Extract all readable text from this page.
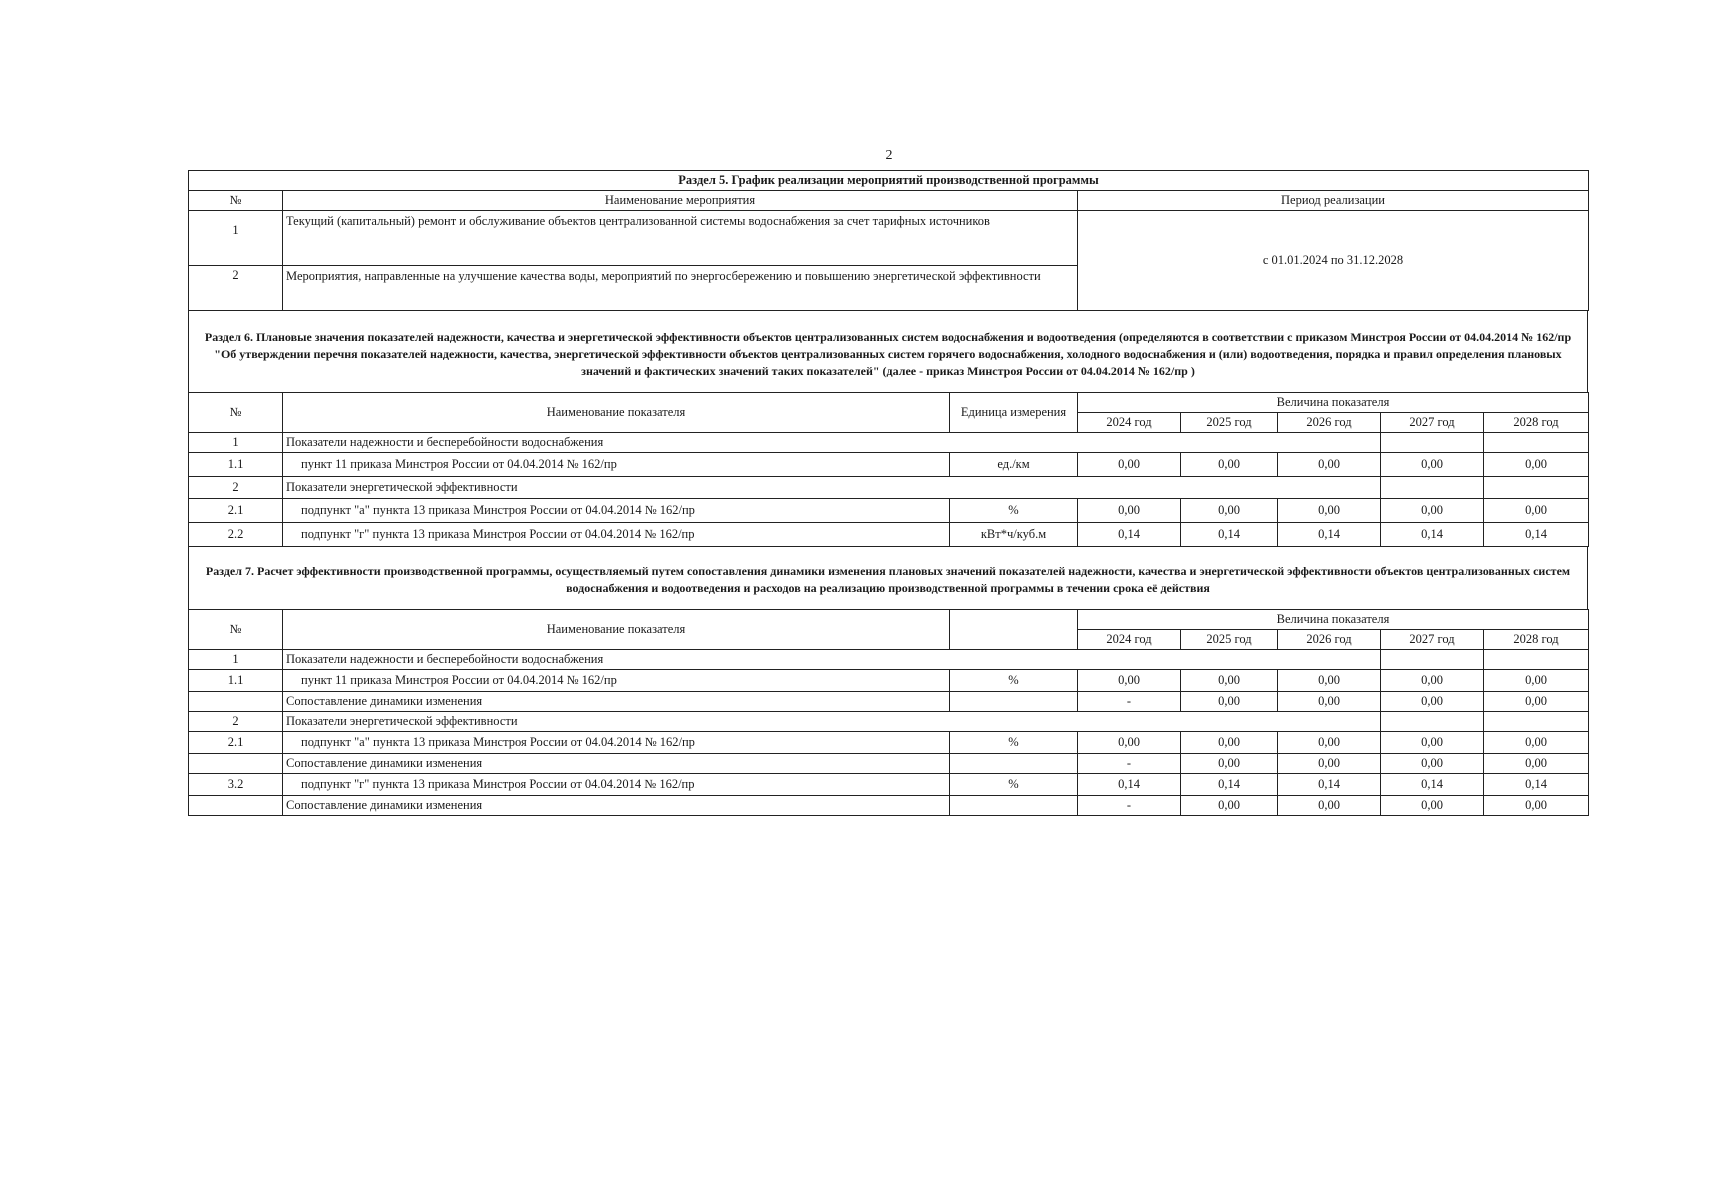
2
Раздел 5. График реализации мероприятий производственной программы		
№	Наименование мероприятия	Период реализации
1	Текущий (капитальный) ремонт и обслуживание объектов централизованной системы водоснабжения за счет тарифных источников	с 01.01.2024 по 31.12.2028
2	Мероприятия, направленные на улучшение качества воды, мероприятий по энергосбережению и повышению энергетической эффективности	
Раздел 6. Плановые значения показателей надежности, качества и энергетической эффективности объектов централизованных систем водоснабжения и водоотведения (определяются в соответствии с приказом Минстроя России от 04.04.2014 № 162/пр "Об утверждении перечня показателей надежности, качества, энергетической эффективности объектов централизованных систем горячего водоснабжения, холодного водоснабжения и (или) водоотведения, порядка и правил определения плановых значений и фактических значений таких показателей" (далее - приказ Минстроя России от 04.04.2014 № 162/пр )
№	Наименование показателя	Единица измерения	Величина показателя				
			2024 год	2025 год	2026 год	2027 год	2028 год
1	Показатели надежности и бесперебойности водоснабжения						
1.1	пункт 11 приказа Минстроя России от 04.04.2014 № 162/пр	ед./км	0,00	0,00	0,00	0,00	0,00
2	Показатели энергетической эффективности						
2.1	подпункт "а" пункта 13 приказа Минстроя России от 04.04.2014 № 162/пр	%	0,00	0,00	0,00	0,00	0,00
2.2	подпункт "г" пункта 13 приказа Минстроя России от 04.04.2014 № 162/пр	кВт*ч/куб.м	0,14	0,14	0,14	0,14	0,14
Раздел 7. Расчет эффективности производственной программы, осуществляемый путем сопоставления динамики изменения плановых значений показателей надежности, качества и энергетической эффективности объектов централизованных систем водоснабжения и водоотведения и расходов на реализацию производственной программы в течении срока её действия
№	Наименование показателя		Величина показателя				
			2024 год	2025 год	2026 год	2027 год	2028 год
1	Показатели надежности и бесперебойности водоснабжения						
1.1	пункт 11 приказа Минстроя России от 04.04.2014 № 162/пр	%	0,00	0,00	0,00	0,00	0,00
	Сопоставление динамики изменения		-	0,00	0,00	0,00	0,00
2	Показатели энергетической эффективности						
2.1	подпункт "а" пункта 13 приказа Минстроя России от 04.04.2014 № 162/пр	%	0,00	0,00	0,00	0,00	0,00
	Сопоставление динамики изменения		-	0,00	0,00	0,00	0,00
3.2	подпункт "г" пункта 13 приказа Минстроя России от 04.04.2014 № 162/пр	%	0,14	0,14	0,14	0,14	0,14
	Сопоставление динамики изменения		-	0,00	0,00	0,00	0,00
